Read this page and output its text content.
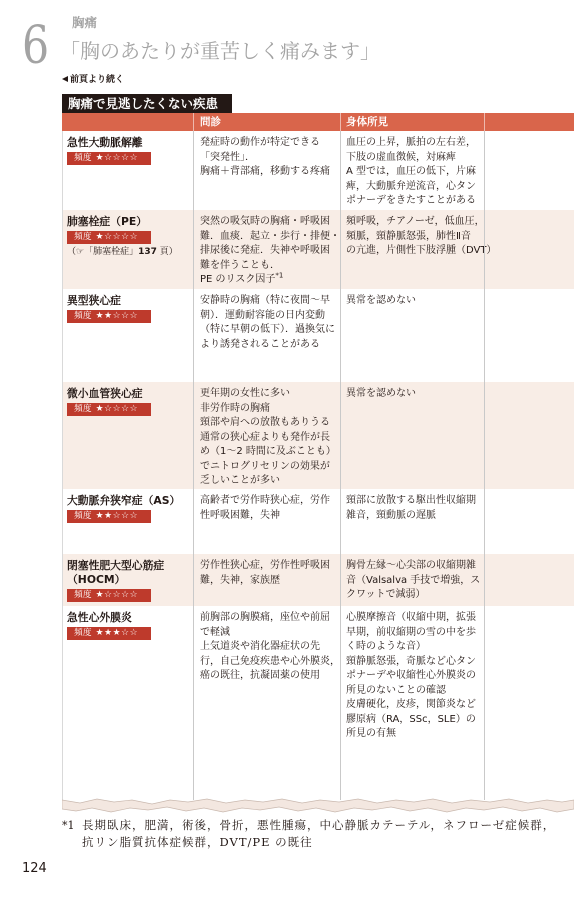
6 胸痛
「胸のあたりが重苦しく痛みます」
前頁より続く
胸痛で見逃したくない疾患
問診	身体所見
急性大動脈解離
頻度 ★☆☆☆☆
発症時の動作が特定できる
「突発性」．
胸痛＋背部痛，移動する疼痛
血圧の上昇，脈拍の左右差，
下肢の虚血徴候，対麻痺
A 型では，血圧の低下，片麻
痺，大動脈弁逆流音，心タン
ポナーデをきたすことがある
肺塞栓症（PE）
頻度 ★☆☆☆☆
（☞ 「肺塞栓症」137 頁）
突然の吸気時の胸痛・呼吸困
難．血痰．起立・歩行・排便・
排尿後に発症．失神や呼吸困
難を伴うことも．
PE のリスク因子$^{*1}$
頻呼吸，チアノーゼ，低血圧，
頻脈，頸静脈怒張，肺性Ⅱ音
の亢進，片側性下肢浮腫（DVT）
異型狭心症
頻度 ★★☆☆☆
安静時の胸痛（特に夜間〜早
朝）．運動耐容能の日内変動
（特に早朝の低下）．過換気に
より誘発されることがある
異常を認めない
微小血管狭心症
頻度 ★☆☆☆☆
更年期の女性に多い
非労作時の胸痛
頸部や肩への放散もありうる
通常の狭心症よりも発作が長
め（1〜2 時間に及ぶことも）
でニトログリセリンの効果が
乏しいことが多い
異常を認めない
大動脈弁狭窄症（AS）
頻度 ★★☆☆☆
高齢者で労作時狭心症，労作
性呼吸困難，失神
頸部に放散する駆出性収縮期
雑音，頸動脈の遅脈
閉塞性肥大型心筋症
（HOCM）
頻度 ★☆☆☆☆
労作性狭心症，労作性呼吸困
難，失神，家族歴
胸骨左縁〜心尖部の収縮期雑
音（Valsalva 手技で増強，ス
クワットで減弱）
急性心外膜炎
頻度 ★★★☆☆
前胸部の胸膜痛，座位や前屈
で軽減
上気道炎や消化器症状の先
行，自己免疫疾患や心外膜炎，
癌の既往，抗凝固薬の使用
心膜摩擦音（収縮中期，拡張
早期，前収縮期の雪の中を歩
く時のような音）
頸静脈怒張，奇脈など心タン
ポナーデや収縮性心外膜炎の
所見のないことの確認
皮膚硬化，皮疹，関節炎など
膠原病（RA，SSc，SLE）の
所見の有無
*1 長期臥床，肥満，術後，骨折，悪性腫瘍，中心静脈カテーテル，ネフローゼ症候群，
抗リン脂質抗体症候群，DVT/PE の既往
124
